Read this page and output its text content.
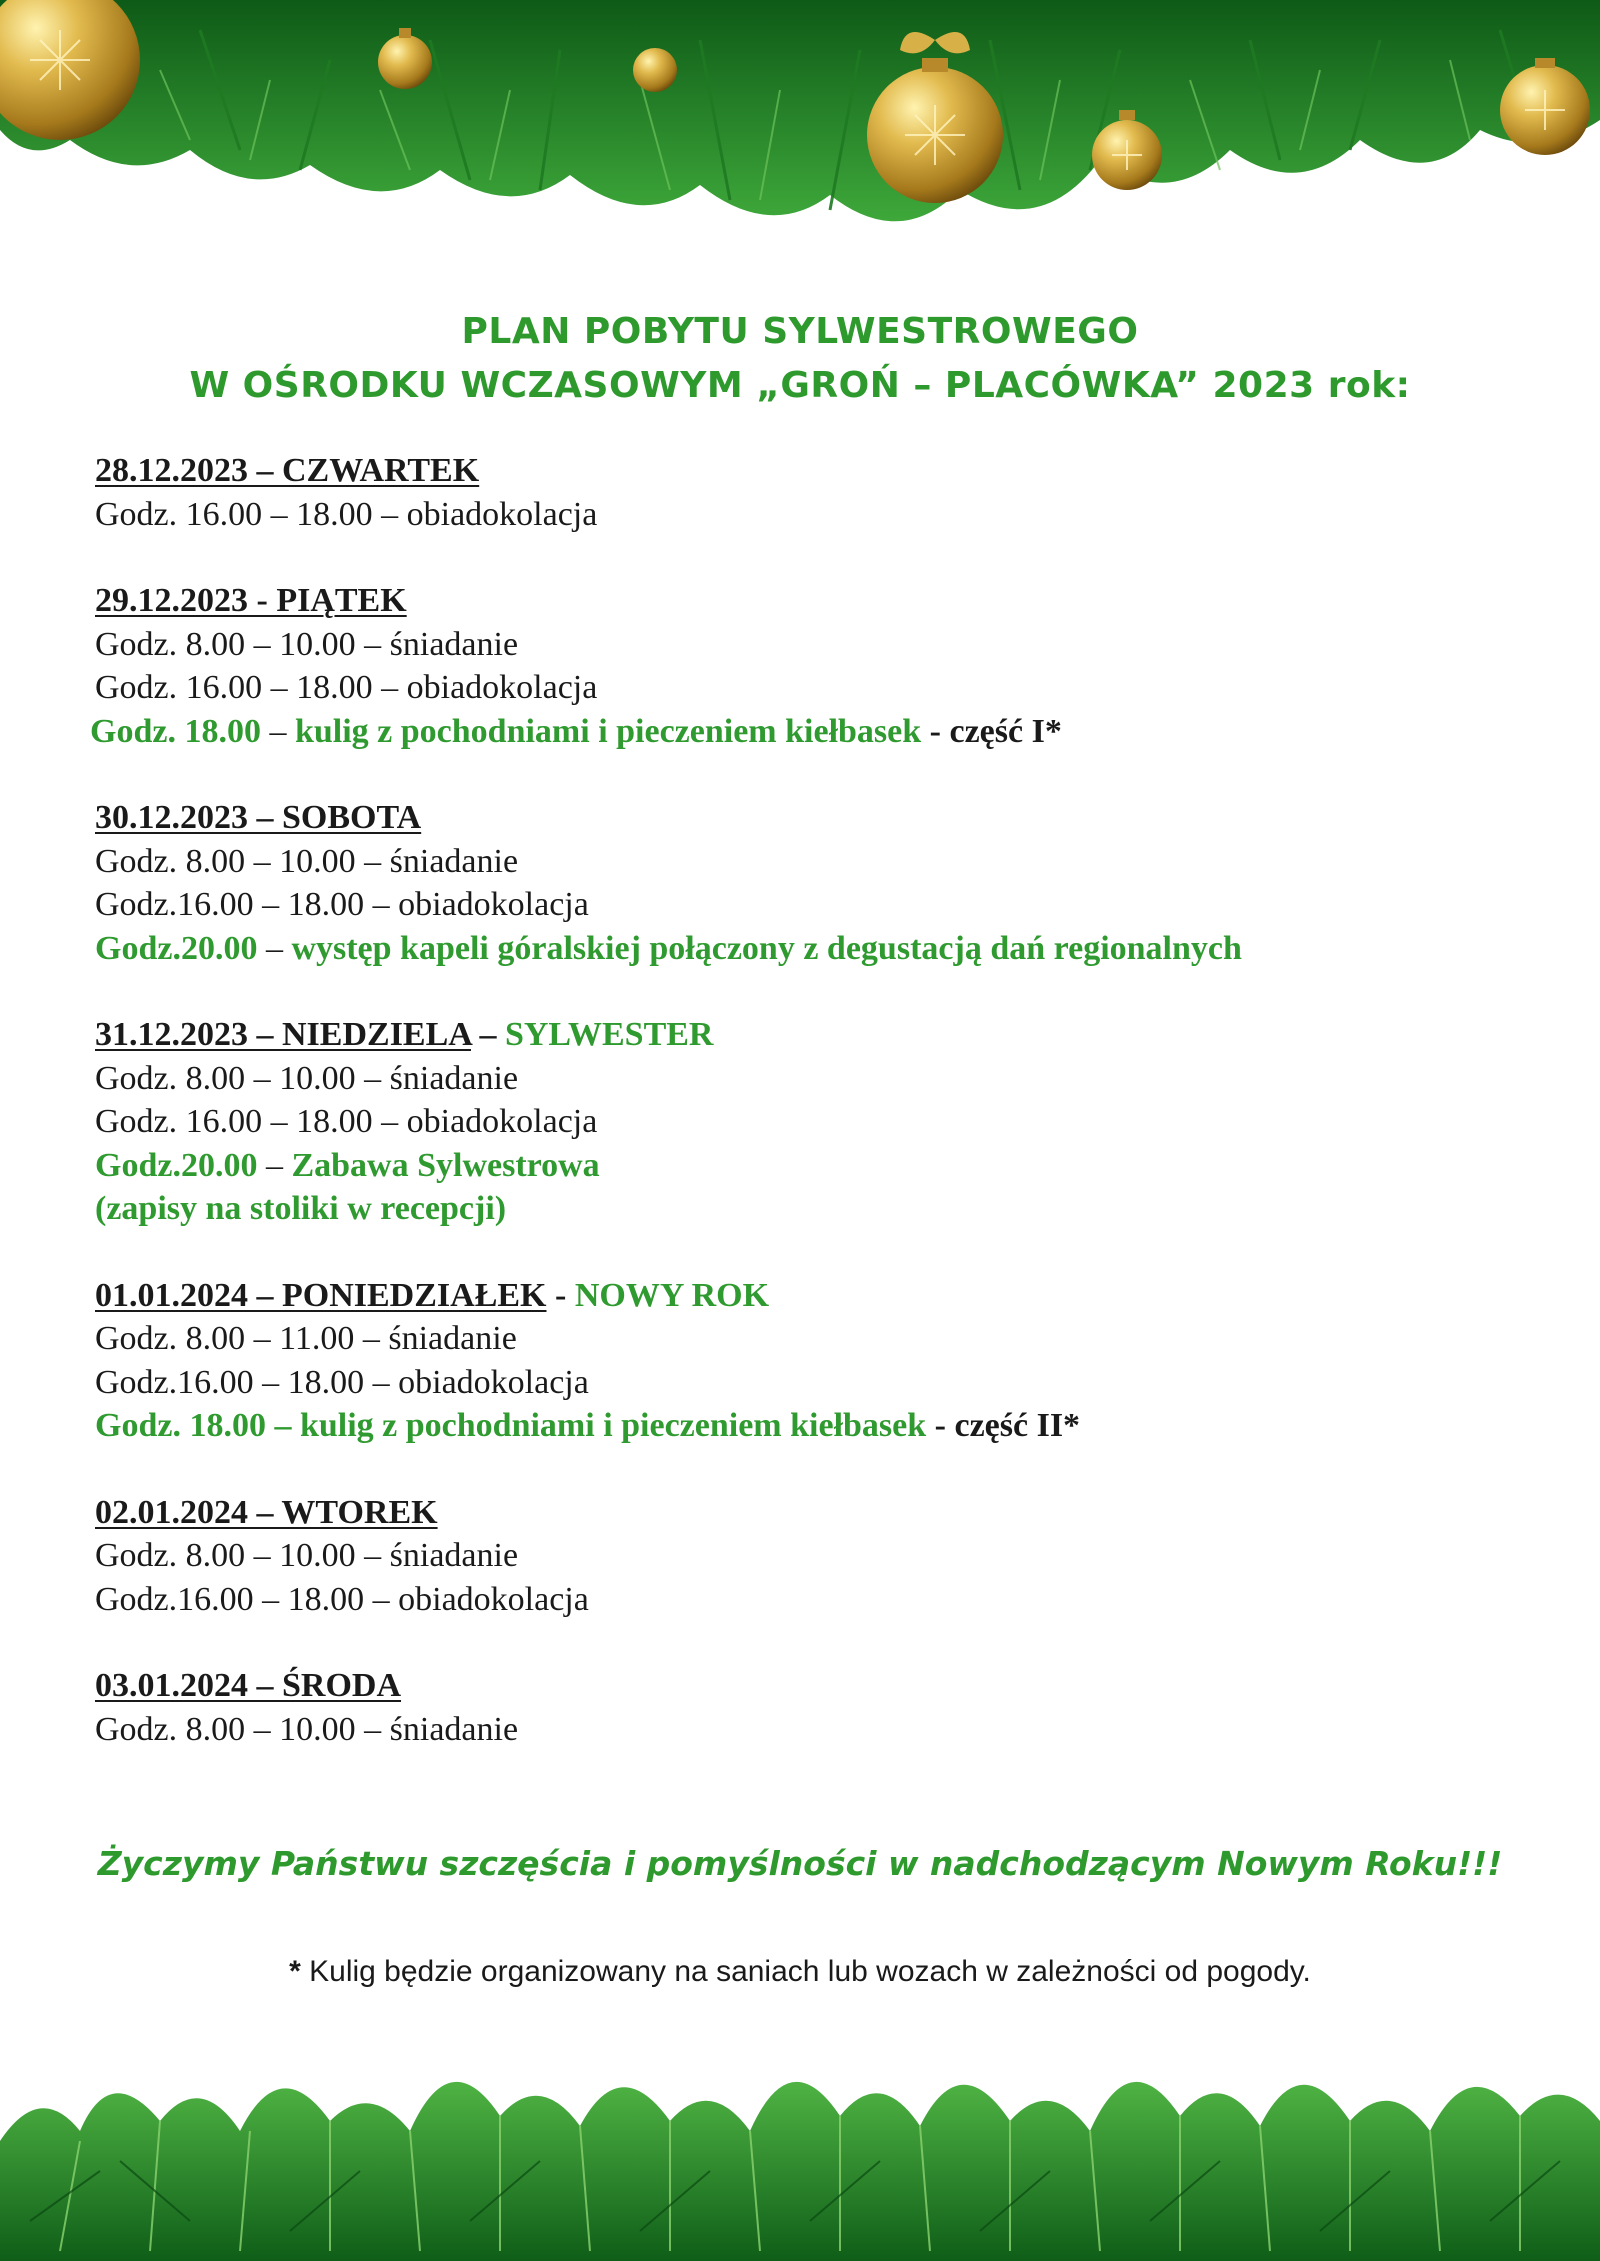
PLAN POBYTU SYLWESTROWEGO
W OŚRODKU WCZASOWYM „GROŃ – PLACÓWKA” 2023 rok:
28.12.2023 – CZWARTEK
Godz. 16.00 – 18.00 – obiadokolacja
29.12.2023 - PIĄTEK
Godz. 8.00 – 10.00 – śniadanie
Godz. 16.00 – 18.00 – obiadokolacja
Godz. 18.00 – kulig z pochodniami i pieczeniem kiełbasek - część I*
30.12.2023 – SOBOTA
Godz. 8.00 – 10.00 – śniadanie
Godz.16.00 – 18.00 – obiadokolacja
Godz.20.00 – występ kapeli góralskiej połączony z degustacją dań regionalnych
31.12.2023 – NIEDZIELA – SYLWESTER
Godz. 8.00 – 10.00 – śniadanie
Godz. 16.00 – 18.00 – obiadokolacja
Godz.20.00 – Zabawa Sylwestrowa
(zapisy na stoliki w recepcji)
01.01.2024 – PONIEDZIAŁEK - NOWY ROK
Godz. 8.00 – 11.00 – śniadanie
Godz.16.00 – 18.00 – obiadokolacja
Godz. 18.00 – kulig z pochodniami i pieczeniem kiełbasek - część II*
02.01.2024 – WTOREK
Godz. 8.00 – 10.00 – śniadanie
Godz.16.00 – 18.00 – obiadokolacja
03.01.2024 – ŚRODA
Godz. 8.00 – 10.00 – śniadanie
Życzymy Państwu szczęścia i pomyślności w nadchodzącym Nowym Roku!!!
* Kulig będzie organizowany na saniach lub wozach w zależności od pogody.
